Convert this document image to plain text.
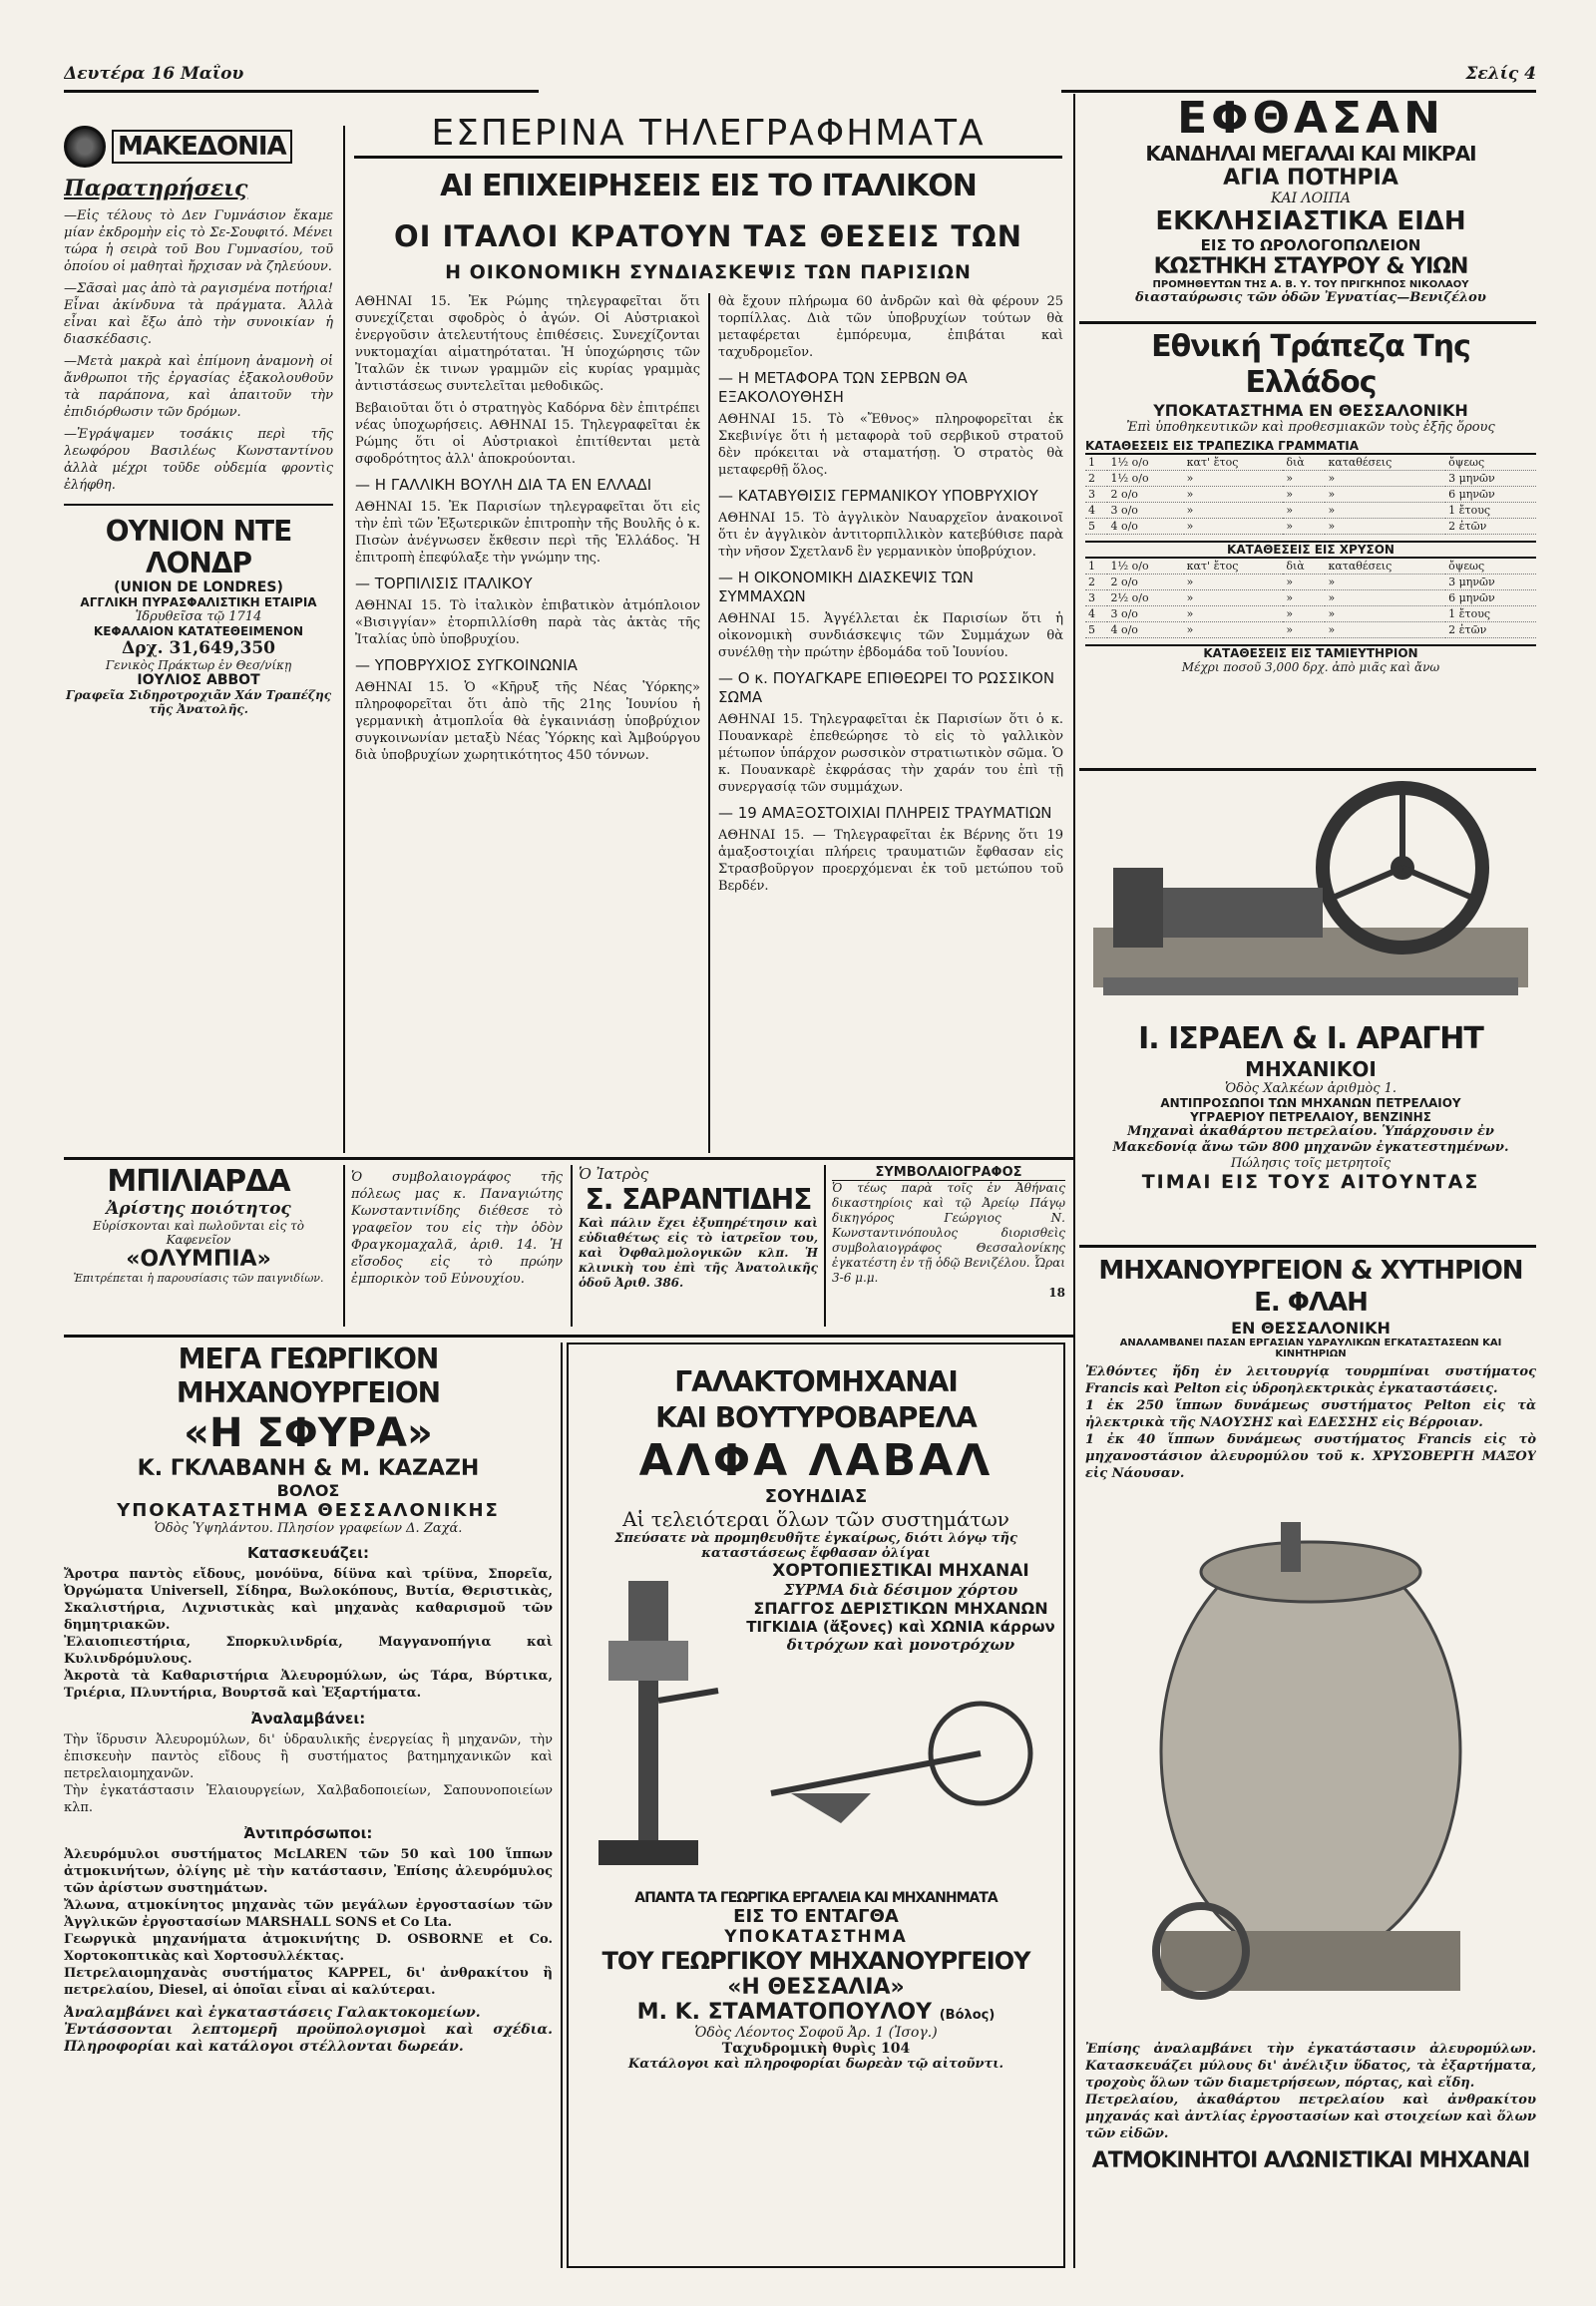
Δευτέρα 16 Μαΐου	Σελίς 4
ΜΑΚΕΔΟΝΙΑ
Παρατηρήσεις

—Εἰς τέλους τὸ Δεν Γυμνάσιον ἔκαμε μίαν ἐκδρομὴν εἰς τὸ Σε-Σουφιτό. Μένει τώρα ἡ σειρὰ τοῦ Βου Γυμνασίου, τοῦ ὁποίου οἱ μαθηταὶ ἤρχισαν νὰ ζηλεύουν.

—Σᾶσαὶ μας ἀπὸ τὰ ραγισμένα ποτήρια! Εἶναι ἀκίνδυνα τὰ πράγματα. Ἀλλὰ εἶναι καὶ ἔξω ἀπὸ τὴν συνοικίαν ἡ διασκέδασις.

—Μετὰ μακρὰ καὶ ἐπίμονη ἀναμονὴ οἱ ἄνθρωποι τῆς ἐργασίας ἐξακολουθοῦν τὰ παράπονα, καὶ ἀπαιτοῦν τὴν ἐπιδιόρθωσιν τῶν δρόμων.

—Ἐγράψαμεν τοσάκις περὶ τῆς λεωφόρου Βασιλέως Κωνσταντίνου ἀλλὰ μέχρι τοῦδε οὐδεμία φροντὶς ἐλήφθη.

ΟΥΝΙΟΝ ΝΤΕ ΛΟΝΔΡ
(UNION DE LONDRES)
ΑΓΓΛΙΚΗ ΠΥΡΑΣΦΑΛΙΣΤΙΚΗ ΕΤΑΙΡΙΑ
Ἱδρυθεῖσα τῷ 1714
ΚΕΦΑΛΑΙΟΝ ΚΑΤΑΤΕΘΕΙΜΕΝΟΝ
Δρχ. 31,649,350
Γενικὸς Πράκτωρ ἐν Θεσ/νίκῃ
ΙΟΥΛΙΟΣ ΑΒΒΟΤ
Γραφεῖα Σιδηροτροχιᾶν Χάν Τραπέζης τῆς Ἀνατολῆς.
ΕΣΠΕΡΙΝΑ ΤΗΛΕΓΡΑΦΗΜΑΤΑ
ΑΙ ΕΠΙΧΕΙΡΗΣΕΙΣ ΕΙΣ ΤΟ ΙΤΑΛΙΚΟΝ
ΟΙ ΙΤΑΛΟΙ ΚΡΑΤΟΥΝ ΤΑΣ ΘΕΣΕΙΣ ΤΩΝ
Η ΟΙΚΟΝΟΜΙΚΗ ΣΥΝΔΙΑΣΚΕΨΙΣ ΤΩΝ ΠΑΡΙΣΙΩΝ

ΑΘΗΝΑΙ 15. Ἐκ Ρώμης τηλεγραφεῖται ὅτι συνεχίζεται σφοδρὸς ὁ ἀγών. Οἱ Αὐστριακοὶ ἐνεργοῦσιν ἀτελευτήτους ἐπιθέσεις. Συνεχίζονται νυκτομαχίαι αἱματηρόταται. Ἡ ὑποχώρησις τῶν Ἰταλῶν ἐκ τινων γραμμῶν εἰς κυρίας γραμμὰς ἀντιστάσεως συντελεῖται μεθοδικῶς.

Βεβαιοῦται ὅτι ὁ στρατηγὸς Καδόρνα δὲν ἐπιτρέπει νέας ὑποχωρήσεις. ΑΘΗΝΑΙ 15. Τηλεγραφεῖται ἐκ Ρώμης ὅτι οἱ Αὐστριακοὶ ἐπιτίθενται μετὰ σφοδρότητος ἀλλ' ἀποκρούονται.

— Η ΓΑΛΛΙΚΗ ΒΟΥΛΗ ΔΙΑ ΤΑ ΕΝ ΕΛΛΑΔΙ

ΑΘΗΝΑΙ 15. Ἐκ Παρισίων τηλεγραφεῖται ὅτι εἰς τὴν ἐπὶ τῶν Ἐξωτερικῶν ἐπιτροπὴν τῆς Βουλῆς ὁ κ. Πισὼν ἀνέγνωσεν ἔκθεσιν περὶ τῆς Ἑλλάδος. Ἡ ἐπιτροπὴ ἐπεφύλαξε τὴν γνώμην της.

— ΤΟΡΠΙΛΙΣΙΣ ΙΤΑΛΙΚΟΥ

ΑΘΗΝΑΙ 15. Τὸ ἰταλικὸν ἐπιβατικὸν ἀτμόπλοιον «Βισιγγίαν» ἐτορπιλλίσθη παρὰ τὰς ἀκτὰς τῆς Ἰταλίας ὑπὸ ὑποβρυχίου.

— ΥΠΟΒΡΥΧΙΟΣ ΣΥΓΚΟΙΝΩΝΙΑ

ΑΘΗΝΑΙ 15. Ὁ «Κῆρυξ τῆς Νέας Ὑόρκης» πληροφορεῖται ὅτι ἀπὸ τῆς 21ης Ἰουνίου ἡ γερμανικὴ ἀτμοπλοΐα θὰ ἐγκαινιάσῃ ὑποβρύχιον συγκοινωνίαν μεταξὺ Νέας Ὑόρκης καὶ Ἀμβούργου διὰ ὑποβρυχίων χωρητικότητος 450 τόννων.

θὰ ἔχουν πλήρωμα 60 ἀνδρῶν καὶ θὰ φέρουν 25 τορπίλλας. Διὰ τῶν ὑποβρυχίων τούτων θὰ μεταφέρεται ἐμπόρευμα, ἐπιβάται καὶ ταχυδρομεῖον.

— Η ΜΕΤΑΦΟΡΑ ΤΩΝ ΣΕΡΒΩΝ ΘΑ ΕΞΑΚΟΛΟΥΘΗΣΗ

ΑΘΗΝΑΙ 15. Τὸ «Ἔθνος» πληροφορεῖται ἐκ Σκεβινίγε ὅτι ἡ μεταφορὰ τοῦ σερβικοῦ στρατοῦ δὲν πρόκειται νὰ σταματήσῃ. Ὁ στρατὸς θὰ μεταφερθῇ ὅλος.

— ΚΑΤΑΒΥΘΙΣΙΣ ΓΕΡΜΑΝΙΚΟΥ ΥΠΟΒΡΥΧΙΟΥ

ΑΘΗΝΑΙ 15. Τὸ ἀγγλικὸν Ναυαρχεῖον ἀνακοινοῖ ὅτι ἐν ἀγγλικὸν ἀντιτορπιλλικὸν κατεβύθισε παρὰ τὴν νῆσον Σχετλανδ ἓν γερμανικὸν ὑποβρύχιον.

— Η ΟΙΚΟΝΟΜΙΚΗ ΔΙΑΣΚΕΨΙΣ ΤΩΝ ΣΥΜΜΑΧΩΝ

ΑΘΗΝΑΙ 15. Ἀγγέλλεται ἐκ Παρισίων ὅτι ἡ οἰκονομικὴ συνδιάσκεψις τῶν Συμμάχων θὰ συνέλθῃ τὴν πρώτην ἑβδομάδα τοῦ Ἰουνίου.

— Ο κ. ΠΟΥΑΓΚΑΡΕ ΕΠΙΘΕΩΡΕΙ ΤΟ ΡΩΣΣΙΚΟΝ ΣΩΜΑ

ΑΘΗΝΑΙ 15. Τηλεγραφεῖται ἐκ Παρισίων ὅτι ὁ κ. Πουανκαρὲ ἐπεθεώρησε τὸ εἰς τὸ γαλλικὸν μέτωπον ὑπάρχον ρωσσικὸν στρατιωτικὸν σῶμα. Ὁ κ. Πουανκαρὲ ἐκφράσας τὴν χαράν του ἐπὶ τῇ συνεργασίᾳ τῶν συμμάχων.

— 19 ΑΜΑΞΟΣΤΟΙΧΙΑΙ ΠΛΗΡΕΙΣ ΤΡΑΥΜΑΤΙΩΝ

ΑΘΗΝΑΙ 15. — Τηλεγραφεῖται ἐκ Βέρνης ὅτι 19 ἁμαξοστοιχίαι πλήρεις τραυματιῶν ἔφθασαν εἰς Στρασβοῦργον προερχόμεναι ἐκ τοῦ μετώπου τοῦ Βερδέν.

ΕΦΘΑΣΑΝ
ΚΑΝΔΗΛΑΙ ΜΕΓΑΛΑΙ ΚΑΙ ΜΙΚΡΑΙ
ΑΓΙΑ ΠΟΤΗΡΙΑ
ΚΑΙ ΛΟΙΠΑ
ΕΚΚΛΗΣΙΑΣΤΙΚΑ ΕΙΔΗ
ΕΙΣ ΤΟ ΩΡΟΛΟΓΟΠΩΛΕΙΟΝ
ΚΩΣΤΗΚΗ ΣΤΑΥΡΟΥ & ΥΙΩΝ
ΠΡΟΜΗΘΕΥΤΩΝ ΤΗΣ Α. Β. Υ. ΤΟΥ ΠΡΙΓΚΗΠΟΣ ΝΙΚΟΛΑΟΥ
διασταύρωσις τῶν ὁδῶν Ἐγνατίας—Βενιζέλου
Εθνική Τράπεζα Της Ελλάδος
ΥΠΟΚΑΤΑΣΤΗΜΑ ΕΝ ΘΕΣΣΑΛΟΝΙΚΗ
Ἐπὶ ὑποθηκευτικῶν καὶ προθεσμιακῶν τοὺς ἐξῆς ὅρους
ΚΑΤΑΘΕΣΕΙΣ ΕΙΣ ΤΡΑΠΕΖΙΚΑ ΓΡΑΜΜΑΤΙΑ
1	1½ ο/ο	κατ' ἔτος	διὰ	καταθέσεις	ὄψεως
2	1½ ο/ο	»	»	»	3 μηνῶν
3	2 ο/ο	»	»	»	6 μηνῶν
4	3 ο/ο	»	»	»	1 ἔτους
5	4 ο/ο	»	»	»	2 ἐτῶν
ΚΑΤΑΘΕΣΕΙΣ ΕΙΣ ΧΡΥΣΟΝ
1	1½ ο/ο	κατ' ἔτος	διὰ	καταθέσεις	ὄψεως
2	2 ο/ο	»	»	»	3 μηνῶν
3	2½ ο/ο	»	»	»	6 μηνῶν
4	3 ο/ο	»	»	»	1 ἔτους
5	4 ο/ο	»	»	»	2 ἐτῶν
ΚΑΤΑΘΕΣΕΙΣ ΕΙΣ ΤΑΜΙΕΥΤΗΡΙΟΝ
Μέχρι ποσοῦ 3,000 δρχ. ἀπὸ μιᾶς καὶ ἄνω
Ι. ΙΣΡΑΕΛ & Ι. ΑΡΑΓΗΤ
ΜΗΧΑΝΙΚΟΙ
Ὁδὸς Χαλκέων ἀριθμὸς 1.
ΑΝΤΙΠΡΟΣΩΠΟΙ ΤΩΝ ΜΗΧΑΝΩΝ ΠΕΤΡΕΛΑΙΟΥ
ΥΓΡΑΕΡΙΟΥ ΠΕΤΡΕΛΑΙΟΥ, ΒΕΝΖΙΝΗΣ
Μηχαναὶ ἀκαθάρτου πετρελαίου. Ὑπάρχουσιν ἐν Μακεδονίᾳ ἄνω τῶν 800 μηχανῶν ἐγκατεστημένων.
Πώλησις τοῖς μετρητοῖς
ΤΙΜΑΙ ΕΙΣ ΤΟΥΣ ΑΙΤΟΥΝΤΑΣ
ΜΗΧΑΝΟΥΡΓΕΙΟΝ & ΧΥΤΗΡΙΟΝ Ε. ΦΛΑΗ
ΕΝ ΘΕΣΣΑΛΟΝΙΚΗ
ΑΝΑΛΑΜΒΑΝΕΙ ΠΑΣΑΝ ΕΡΓΑΣΙΑΝ ΥΔΡΑΥΛΙΚΩΝ ΕΓΚΑΤΑΣΤΑΣΕΩΝ ΚΑΙ ΚΙΝΗΤΗΡΙΩΝ
Ἐλθόντες ἤδη ἐν λειτουργίᾳ τουρμπίναι συστήματος Francis καὶ Pelton εἰς ὑδροηλεκτρικὰς ἐγκαταστάσεις.
1 ἐκ 250 ἵππων δυνάμεως συστήματος Pelton εἰς τὰ ἠλεκτρικὰ τῆς ΝΑΟΥΣΗΣ καὶ ΕΔΕΣΣΗΣ εἰς Βέρροιαν.
1 ἐκ 40 ἵππων δυνάμεως συστήματος Francis εἰς τὸ μηχανοστάσιον ἀλευρομύλου τοῦ κ. ΧΡΥΣΟΒΕΡΓΗ ΜΑΞΟΥ εἰς Νάουσαν.
Ἐπίσης ἀναλαμβάνει τὴν ἐγκατάστασιν ἀλευρομύλων. Κατασκευάζει μύλους δι' ἀνέλιξιν ὕδατος, τὰ ἐξαρτήματα, τροχοὺς ὅλων τῶν διαμετρήσεων, πόρτας, καὶ εἴδη.
Πετρελαίου, ἀκαθάρτου πετρελαίου καὶ ἀνθρακίτου μηχανάς καὶ ἀντλίας ἐργοστασίων καὶ στοιχείων καὶ ὅλων τῶν εἰδῶν.
ΑΤΜΟΚΙΝΗΤΟΙ ΑΛΩΝΙΣΤΙΚΑΙ ΜΗΧΑΝΑΙ
ΜΠΙΛΙΑΡΔΑ
Ἀρίστης ποιότητος
Εὑρίσκονται καὶ πωλοῦνται εἰς τὸ Καφενεῖον
«ΟΛΥΜΠΙΑ»
Ἐπιτρέπεται ἡ παρουσίασις τῶν παιγνιδίων.

Ὁ συμβολαιογράφος τῆς πόλεως μας κ. Παναγιώτης Κωνσταντινίδης διέθεσε τὸ γραφεῖον του εἰς τὴν ὁδὸν Φραγκομαχαλᾶ, ἀριθ. 14. Ἡ εἴσοδος εἰς τὸ πρώην ἐμπορικὸν τοῦ Εὐνουχίου.

Ὁ Ἰατρὸς
Σ. ΣΑΡΑΝΤΙΔΗΣ
Καὶ πάλιν ἔχει ἐξυπηρέτησιν καὶ εὐδιαθέτως εἰς τὸ ἰατρεῖον του, καὶ Ὀφθαλμολογικῶν κλπ. Ἡ κλινικὴ του ἐπὶ τῆς Ἀνατολικῆς ὁδοῦ Ἀριθ. 386.
ΣΥΜΒΟΛΑΙΟΓΡΑΦΟΣ
Ὁ τέως παρὰ τοῖς ἐν Ἀθήναις δικαστηρίοις καὶ τῷ Ἀρείῳ Πάγῳ δικηγόρος Γεώργιος Ν. Κωνσταντινόπουλος διορισθεὶς συμβολαιογράφος Θεσσαλονίκης ἐγκατέστη ἐν τῇ ὁδῷ Βενιζέλου. Ὧραι 3-6 μ.μ.
18
ΜΕΓΑ ΓΕΩΡΓΙΚΟΝ ΜΗΧΑΝΟΥΡΓΕΙΟΝ
«Η ΣΦΥΡΑ»
Κ. ΓΚΛΑΒΑΝΗ & Μ. ΚΑΖΑΖΗ
ΒΟΛΟΣ
ΥΠΟΚΑΤΑΣΤΗΜΑ ΘΕΣΣΑΛΟΝΙΚΗΣ
Ὁδὸς Ὑψηλάντου. Πλησίον γραφείων Δ. Ζαχά.
Κατασκευάζει:
Ἄροτρα παντὸς εἴδους, μονόϋνα, δίϋνα καὶ τρίϋνα, Σπορεῖα, Ὀργώματα Universell, Σίδηρα, Βωλοκόπους, Βυτία, Θεριστικὰς, Σκαλιστήρια, Λιχνιστικὰς καὶ μηχανὰς καθαρισμοῦ τῶν δημητριακῶν.
Ἐλαιοπιεστήρια, Σπορκυλινδρία, Μαγγανοπήγια καὶ Κυλινδρόμυλους.
Ἀκροτὰ τὰ Καθαριστήρια Ἀλευρομύλων, ὡς Τάρα, Βύρτικα, Τριέρια, Πλυντήρια, Βουρτσᾶ καὶ Ἐξαρτήματα.
Ἀναλαμβάνει:
Τὴν ἵδρυσιν Ἀλευρομύλων, δι' ὑδραυλικῆς ἐνεργείας ἢ μηχανῶν, τὴν ἐπισκευὴν παντὸς εἴδους ἢ συστήματος βατημηχανικῶν καὶ πετρελαιομηχανῶν.
Τὴν ἐγκατάστασιν Ἐλαιουργείων, Χαλβαδοποιείων, Σαπουνοποιείων κλπ.
Ἀντιπρόσωποι:
Ἀλευρόμυλοι συστήματος McLAREN τῶν 50 καὶ 100 ἵππων ἀτμοκινήτων, ὀλίγης μὲ τὴν κατάστασιν, Ἐπίσης ἀλευρόμυλος τῶν ἀρίστων συστημάτων.
Ἄλωνα, ατμοκίνητος μηχανὰς τῶν μεγάλων ἐργοστασίων τῶν Ἀγγλικῶν ἐργοστασίων MARSHALL SONS et Co Lta.
Γεωργικὰ μηχανήματα ἀτμοκινήτης D. OSBORNE et Co. Χορτοκοπτικὰς καὶ Χορτοσυλλέκτας.
Πετρελαιομηχανὰς συστήματος KAPPEL, δι' ἀνθρακίτου ἢ πετρελαίου, Diesel, αἱ ὁποῖαι εἶναι αἱ καλύτεραι.
Ἀναλαμβάνει καὶ ἐγκαταστάσεις Γαλακτοκομείων.
Ἐντάσσονται λεπτομερῆ προϋπολογισμοὶ καὶ σχέδια. Πληροφορίαι καὶ κατάλογοι στέλλονται δωρεάν.
ΓΑΛΑΚΤΟΜΗΧΑΝΑΙ
ΚΑΙ ΒΟΥΤΥΡΟΒΑΡΕΛΑ
ΑΛΦΑ ΛΑΒΑΛ
ΣΟΥΗΔΙΑΣ
Αἱ τελειότεραι ὅλων τῶν συστημάτων
Σπεύσατε νὰ προμηθευθῆτε ἐγκαίρως, διότι λόγῳ τῆς καταστάσεως ἔφθασαν ὀλίγαι
ΧΟΡΤΟΠΙΕΣΤΙΚΑΙ ΜΗΧΑΝΑΙ
ΣΥΡΜΑ διὰ δέσιμον χόρτου
ΣΠΑΓΓΟΣ ΔΕΡΙΣΤΙΚΩΝ ΜΗΧΑΝΩΝ
ΤΙΓΚΙΔΙΑ (ἄξονες) καὶ ΧΩΝΙΑ κάρρων
διτρόχων καὶ μονοτρόχων
ΑΠΑΝΤΑ ΤΑ ΓΕΩΡΓΙΚΑ ΕΡΓΑΛΕΙΑ ΚΑΙ ΜΗΧΑΝΗΜΑΤΑ
ΕΙΣ ΤΟ ΕΝΤΑΓΘΑ
ΥΠΟΚΑΤΑΣΤΗΜΑ
ΤΟΥ ΓΕΩΡΓΙΚΟΥ ΜΗΧΑΝΟΥΡΓΕΙΟΥ
«Η ΘΕΣΣΑΛΙΑ»
Μ. Κ. ΣΤΑΜΑΤΟΠΟΥΛΟΥ (Βόλος)
Ὁδὸς Λέοντος Σοφοῦ Ἀρ. 1 (Ἰσογ.)
Ταχυδρομικὴ θυρὶς 104
Κατάλογοι καὶ πληροφορίαι δωρεὰν τῷ αἰτοῦντι.
